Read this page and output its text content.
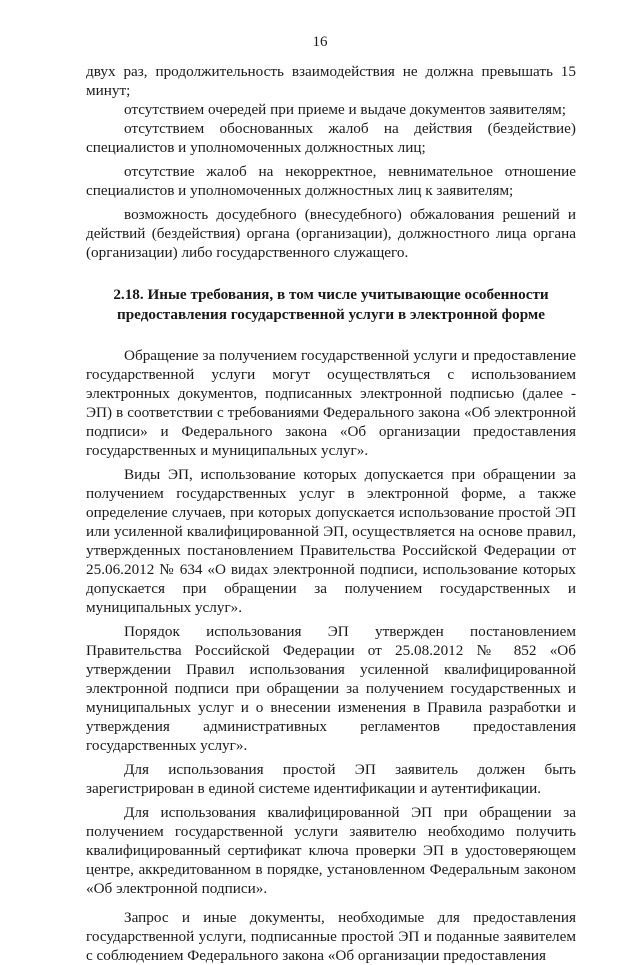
16

двух раз, продолжительность взаимодействия не должна превышать 15 минут;

отсутствием очередей при приеме и выдаче документов заявителям;

отсутствием обоснованных жалоб на действия (бездействие) специалистов и уполномоченных должностных лиц;

отсутствие жалоб на некорректное, невнимательное отношение специалистов и уполномоченных должностных лиц к заявителям;

возможность досудебного (внесудебного) обжалования решений и действий (бездействия) органа (организации), должностного лица органа (организации) либо государственного служащего.

2.18. Иные требования, в том числе учитывающие особенности предоставления государственной услуги в электронной форме

Обращение за получением государственной услуги и предоставление государственной услуги могут осуществляться с использованием электронных документов, подписанных электронной подписью (далее - ЭП) в соответствии с требованиями Федерального закона «Об электронной подписи» и Федерального закона «Об организации предоставления государственных и муниципальных услуг».

Виды ЭП, использование которых допускается при обращении за получением государственных услуг в электронной форме, а также определение случаев, при которых допускается использование простой ЭП или усиленной квалифицированной ЭП, осуществляется на основе правил, утвержденных постановлением Правительства Российской Федерации от 25.06.2012 № 634 «О видах электронной подписи, использование которых допускается при обращении за получением государственных и муниципальных услуг».

Порядок использования ЭП утвержден постановлением Правительства Российской Федерации от 25.08.2012 № 852 «Об утверждении Правил использования усиленной квалифицированной электронной подписи при обращении за получением государственных и муниципальных услуг и о внесении изменения в Правила разработки и утверждения административных регламентов предоставления государственных услуг».

Для использования простой ЭП заявитель должен быть зарегистрирован в единой системе идентификации и аутентификации.

Для использования квалифицированной ЭП при обращении за получением государственной услуги заявителю необходимо получить квалифицированный сертификат ключа проверки ЭП в удостоверяющем центре, аккредитованном в порядке, установленном Федеральным законом «Об электронной подписи».

Запрос и иные документы, необходимые для предоставления государственной услуги, подписанные простой ЭП и поданные заявителем с соблюдением Федерального закона «Об организации предоставления
